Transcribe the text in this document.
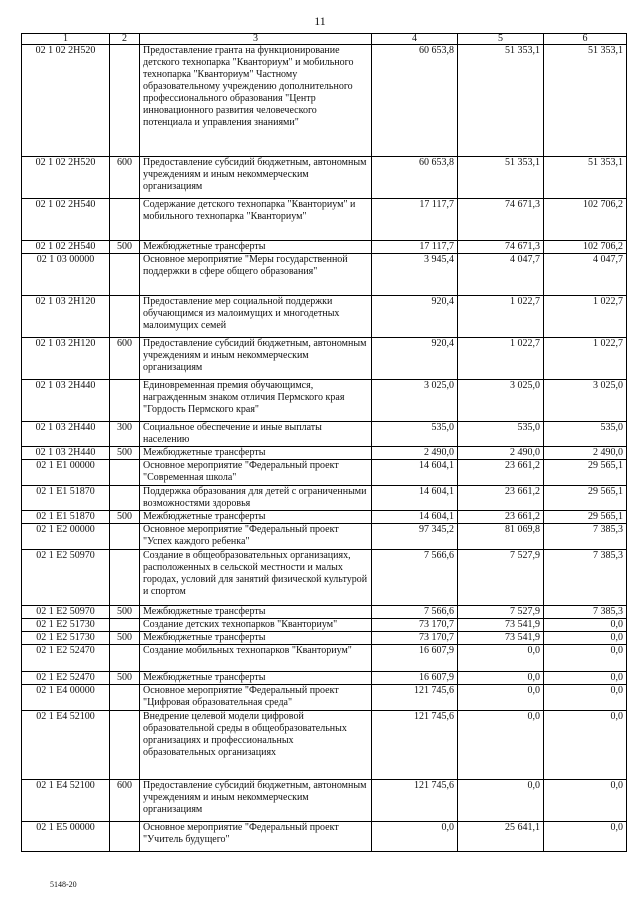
11
1	2	3	4	5	6
02 1 02 2Н520		Предоставление гранта на функционирование детского технопарка "Кванториум" и мобильного технопарка "Кванториум" Частному образовательному учреждению дополнительного профессионального образования "Центр инновационного развития человеческого потенциала и управления знаниями"	60 653,8	51 353,1	51 353,1
02 1 02 2Н520	600	Предоставление субсидий бюджетным, автономным учреждениям и иным некоммерческим организациям	60 653,8	51 353,1	51 353,1
02 1 02 2Н540		Содержание детского технопарка "Кванториум" и мобильного технопарка "Кванториум"	17 117,7	74 671,3	102 706,2
02 1 02 2Н540	500	Межбюджетные трансферты	17 117,7	74 671,3	102 706,2
02 1 03 00000		Основное мероприятие "Меры государственной поддержки в сфере общего образования"	3 945,4	4 047,7	4 047,7
02 1 03 2Н120		Предоставление мер социальной поддержки обучающимся из малоимущих и многодетных малоимущих семей	920,4	1 022,7	1 022,7
02 1 03 2Н120	600	Предоставление субсидий бюджетным, автономным учреждениям и иным некоммерческим организациям	920,4	1 022,7	1 022,7
02 1 03 2Н440		Единовременная премия обучающимся, награжденным знаком отличия Пермского края "Гордость Пермского края"	3 025,0	3 025,0	3 025,0
02 1 03 2Н440	300	Социальное обеспечение и иные выплаты населению	535,0	535,0	535,0
02 1 03 2Н440	500	Межбюджетные трансферты	2 490,0	2 490,0	2 490,0
02 1 Е1 00000		Основное мероприятие "Федеральный проект "Современная школа"	14 604,1	23 661,2	29 565,1
02 1 Е1 51870		Поддержка образования для детей с ограниченными возможностями здоровья	14 604,1	23 661,2	29 565,1
02 1 Е1 51870	500	Межбюджетные трансферты	14 604,1	23 661,2	29 565,1
02 1 Е2 00000		Основное мероприятие "Федеральный проект "Успех каждого ребенка"	97 345,2	81 069,8	7 385,3
02 1 Е2 50970		Создание в общеобразовательных организациях, расположенных в сельской местности и малых городах, условий для занятий физической культурой и спортом	7 566,6	7 527,9	7 385,3
02 1 Е2 50970	500	Межбюджетные трансферты	7 566,6	7 527,9	7 385,3
02 1 Е2 51730		Создание детских технопарков "Кванториум"	73 170,7	73 541,9	0,0
02 1 Е2 51730	500	Межбюджетные трансферты	73 170,7	73 541,9	0,0
02 1 Е2 52470		Создание мобильных технопарков "Кванториум"	16 607,9	0,0	0,0
02 1 Е2 52470	500	Межбюджетные трансферты	16 607,9	0,0	0,0
02 1 Е4 00000		Основное мероприятие "Федеральный проект "Цифровая образовательная среда"	121 745,6	0,0	0,0
02 1 Е4 52100		Внедрение целевой модели цифровой образовательной среды в общеобразовательных организациях и профессиональных образовательных организациях	121 745,6	0,0	0,0
02 1 Е4 52100	600	Предоставление субсидий бюджетным, автономным учреждениям и иным некоммерческим организациям	121 745,6	0,0	0,0
02 1 Е5 00000		Основное мероприятие "Федеральный проект "Учитель будущего"	0,0	25 641,1	0,0
5148-20
